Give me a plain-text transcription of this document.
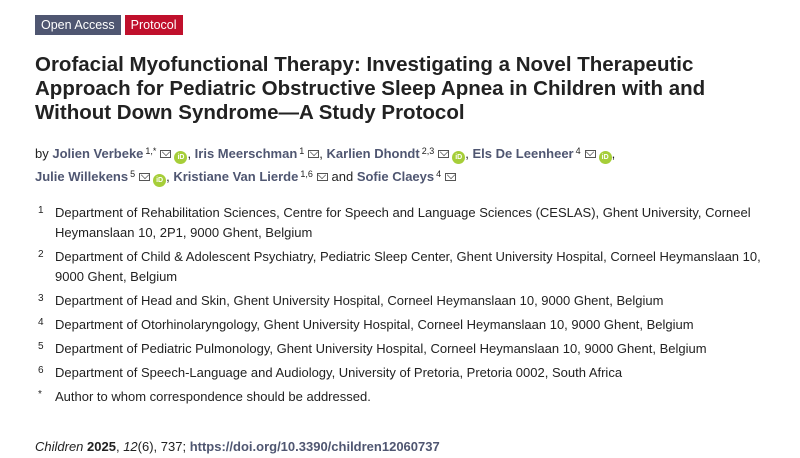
Open Access	Protocol
Orofacial Myofunctional Therapy: Investigating a Novel Therapeutic Approach for Pediatric Obstructive Sleep Apnea in Children with and Without Down Syndrome—A Study Protocol
by Jolien Verbeke $^{1,*}$iD , Iris Meerschman $^1$ , Karlien Dhondt $^{2,3}$iD , Els De Leenheer $^4$iD ,
Julie Willekens $^5$iD , Kristiane Van Lierde $^{1,6}$ and Sofie Claeys $^4$
1 Department of Rehabilitation Sciences, Centre for Speech and Language Sciences (CESLAS), Ghent University, Corneel Heymanslaan 10, 2P1, 9000 Ghent, Belgium
2 Department of Child & Adolescent Psychiatry, Pediatric Sleep Center, Ghent University Hospital, Corneel Heymanslaan 10, 9000 Ghent, Belgium
3 Department of Head and Skin, Ghent University Hospital, Corneel Heymanslaan 10, 9000 Ghent, Belgium
4 Department of Otorhinolaryngology, Ghent University Hospital, Corneel Heymanslaan 10, 9000 Ghent, Belgium
5 Department of Pediatric Pulmonology, Ghent University Hospital, Corneel Heymanslaan 10, 9000 Ghent, Belgium
6 Department of Speech-Language and Audiology, University of Pretoria, Pretoria 0002, South Africa
*	Author to whom correspondence should be addressed.
Children 2025, 12(6), 737; https://doi.org/10.3390/children12060737
